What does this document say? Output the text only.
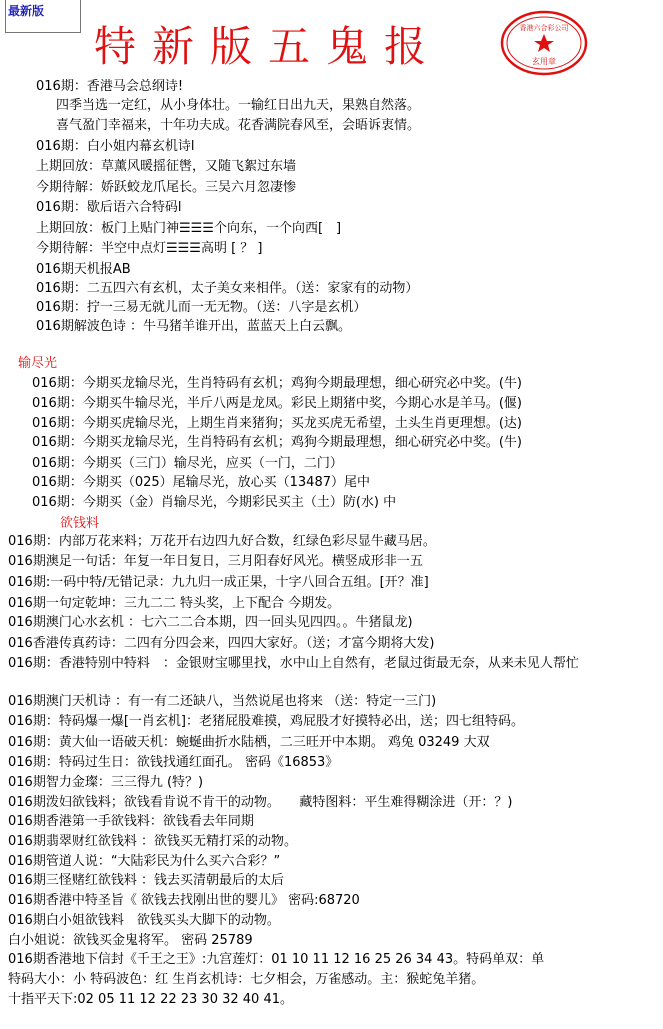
最新版
特新版五鬼报	香港六合彩公司
玄用章
016期：香港马会总纲诗!
四季当选一定红，从小身体壮。一输红日出九天，果熟自然落。
喜气盈门幸福来，十年功夫成。花香满院春风至，会晤诉衷情。
016期：白小姐内幕玄机诗l
上期回放：草薰风暖摇征辔，又随飞絮过东墙
今期待解：娇跃蛟龙爪尾长。三吴六月忽凄惨
016期：歇后语六合特码l
上期回放：板门上贴门神☰☰☰个向东，一个向西[　]
今期待解：半空中点灯☰☰☰高明 [ ？ ]
016期天机报AB
016期：二五四六有玄机，太子美女来相伴。（送：家家有的动物）
016期：拧一三易无就儿而一无无物。（送：八字是玄机）
016期解波色诗 ：牛马猪羊谁开出，蓝蓝天上白云飘。
输尽光
016期：今期买龙输尽光，生肖特码有玄机；鸡狗今期最理想，细心研究必中奖。(牛)
016期：今期买牛输尽光，半斤八两是龙凤。彩民上期猪中奖，今期心水是羊马。(偃)
016期：今期买虎输尽光，上期生肖来猪狗；买龙买虎无希望，土头生肖更理想。(达)
016期：今期买龙输尽光，生肖特码有玄机；鸡狗今期最理想，细心研究必中奖。(牛)
016期：今期买（三门）输尽光，应买（一门，二门）
016期：今期买（025）尾输尽光，放心买（13487）尾中
016期：今期买（金）肖输尽光，今期彩民买主（土）防(水) 中
欲钱料
016期：内部万花来料；万花开右边四九好合数，红绿色彩尽显牛藏马居。
016期澳足一句话：年复一年日复日，三月阳春好风光。横竖成形非一五
016期:一码中特/无错记录：九九归一成正果，十字八回合五组。[开？准]
016期一句定乾坤：三九二二 特头奖，上下配合 今期发。
016期澳门心水玄机 ：七六二二合本期，四一回头见四四。。牛猪鼠龙)
016香港传真药诗：二四有分四会来，四四大家好。（送；才富今期将大发)
016期：香港特别中特料　：金银财宝哪里找，水中山上自然有，老鼠过街最无奈，从来未见人帮忙
016期澳门天机诗 ：有一有二还缺八，当然说尾也将来 （送：特定一三门)
016期：特码爆一爆[一肖玄机]：老猪屁股难摸，鸡屁股才好摸特必出，送；四七组特码。
016期：黄大仙一语破天机：蜿蜒曲折水陆栖，二三旺开中本期。 鸡兔 03249 大双
016期：特码过生日：欲钱找通红面孔。 密码《16853》
016期智力金璨：三三得九 (特？)
016期泼妇欲钱料；欲钱看肯说不肯干的动物。　　藏特图料：平生难得糊涂进（开：？)
016期香港第一手欲钱料：欲钱看去年同期
016期翡翠财红欲钱料 ：欲钱买无精打采的动物。
016期管道人说：“大陆彩民为什么买六合彩？”
016期三怪赌红欲钱料 ：钱去买清朝最后的太后
016期香港中特圣旨《 欲钱去找刚出世的婴儿》 密码:68720
016期白小姐欲钱料　欲钱买头大脚下的动物。
白小姐说：欲钱买金鬼将军。 密码 25789
016期香港地下信封《千王之王》:九宫莲灯：01 10 11 12 16 25 26 34 43。特码单双：单
特码大小：小 特码波色：红 生肖玄机诗：七夕相会，万雀感动。主：猴蛇兔羊猪。
十指平天下:02 05 11 12 22 23 30 32 40 41。
